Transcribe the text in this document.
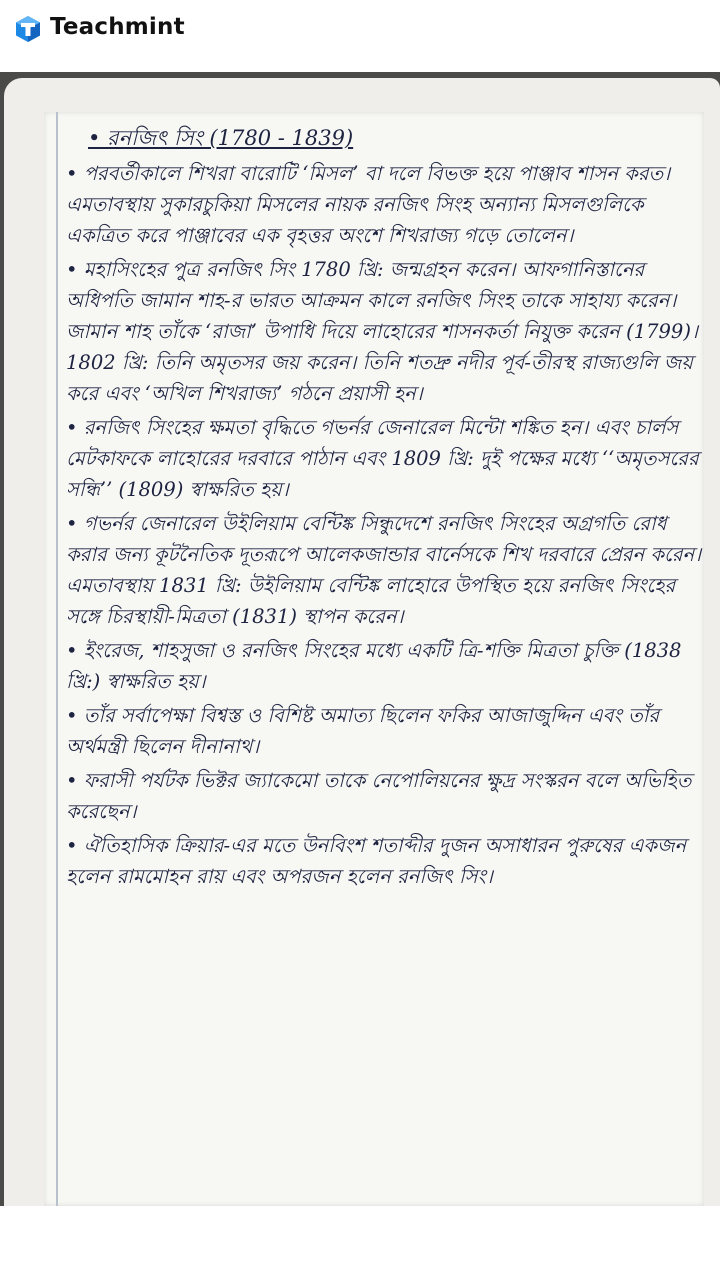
Teachmint
• রনজিৎ সিং (1780 - 1839)

• পরবর্তীকালে শিখরা বারোটি ‘মিসল’ বা দলে বিভক্ত হয়ে পাঞ্জাব শাসন করত। এমতাবস্থায় সুকারচুকিয়া মিসলের নায়ক রনজিৎ সিংহ অন্যান্য মিসলগুলিকে একত্রিত করে পাঞ্জাবের এক বৃহত্তর অংশে শিখরাজ্য গড়ে তোলেন।

• মহাসিংহের পুত্র রনজিৎ সিং 1780 খ্রি: জন্মগ্রহন করেন। আফগানিস্তানের অধিপতি জামান শাহ-র ভারত আক্রমন কালে রনজিৎ সিংহ তাকে সাহায্য করেন। জামান শাহ তাঁকে ‘রাজা’ উপাধি দিয়ে লাহোরের শাসনকর্তা নিযুক্ত করেন (1799)। 1802 খ্রি: তিনি অমৃতসর জয় করেন। তিনি শতদ্রু নদীর পূর্ব-তীরস্থ রাজ্যগুলি জয় করে এবং ‘অখিল শিখরাজ্য’ গঠনে প্রয়াসী হন।

• রনজিৎ সিংহের ক্ষমতা বৃদ্ধিতে গভর্নর জেনারেল মিন্টো শঙ্কিত হন। এবং চার্লস মেটকাফকে লাহোরের দরবারে পাঠান এবং 1809 খ্রি: দুই পক্ষের মধ্যে ‘‘অমৃতসরের সন্ধি’’ (1809) স্বাক্ষরিত হয়।

• গভর্নর জেনারেল উইলিয়াম বেন্টিঙ্ক সিন্ধুদেশে রনজিৎ সিংহের অগ্রগতি রোধ করার জন্য কূটনৈতিক দূতরূপে আলেকজান্ডার বার্নেসকে শিখ দরবারে প্রেরন করেন। এমতাবস্থায় 1831 খ্রি: উইলিয়াম বেন্টিঙ্ক লাহোরে উপস্থিত হয়ে রনজিৎ সিংহের সঙ্গে চিরস্থায়ী-মিত্রতা (1831) স্থাপন করেন।

• ইংরেজ, শাহসুজা ও রনজিৎ সিংহের মধ্যে একটি ত্রি-শক্তি মিত্রতা চুক্তি (1838 খ্রি:) স্বাক্ষরিত হয়।

• তাঁর সর্বাপেক্ষা বিশ্বস্ত ও বিশিষ্ট অমাত্য ছিলেন ফকির আজাজুদ্দিন এবং তাঁর অর্থমন্ত্রী ছিলেন দীনানাথ।

• ফরাসী পর্যটক ভিক্টর জ্যাকেমো তাকে নেপোলিয়নের ক্ষুদ্র সংস্করন বলে অভিহিত করেছেন।

• ঐতিহাসিক ক্রিয়ার-এর মতে উনবিংশ শতাব্দীর দুজন অসাধারন পুরুষের একজন হলেন রামমোহন রায় এবং অপরজন হলেন রনজিৎ সিং।
